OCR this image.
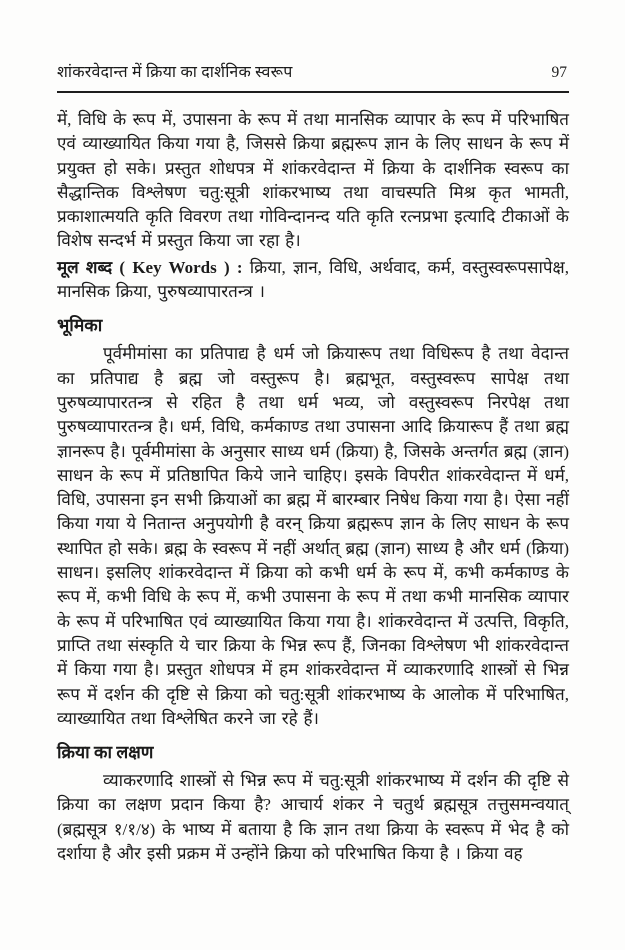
शांकरवेदान्त में क्रिया का दार्शनिक स्वरूप	97

में, विधि के रूप में, उपासना के रूप में तथा मानसिक व्यापार के रूप में परिभाषित एवं व्याख्यायित किया गया है, जिससे क्रिया ब्रह्मरूप ज्ञान के लिए साधन के रूप में प्रयुक्त हो सके। प्रस्तुत शोधपत्र में शांकरवेदान्त में क्रिया के दार्शनिक स्वरूप का सैद्धान्तिक विश्लेषण चतु:सूत्री शांकरभाष्य तथा वाचस्पति मिश्र कृत भामती, प्रकाशात्मयति कृति विवरण तथा गोविन्दानन्द यति कृति रत्नप्रभा इत्यादि टीकाओं के विशेष सन्दर्भ में प्रस्तुत किया जा रहा है।

मूल शब्द ( Key Words ) : क्रिया, ज्ञान, विधि, अर्थवाद, कर्म, वस्तुस्वरूपसापेक्ष, मानसिक क्रिया, पुरुषव्यापारतन्त्र ।

भूमिका

पूर्वमीमांसा का प्रतिपाद्य है धर्म जो क्रियारूप तथा विधिरूप है तथा वेदान्त का प्रतिपाद्य है ब्रह्म जो वस्तुरूप है। ब्रह्मभूत, वस्तुस्वरूप सापेक्ष तथा पुरुषव्यापारतन्त्र से रहित है तथा धर्म भव्य, जो वस्तुस्वरूप निरपेक्ष तथा पुरुषव्यापारतन्त्र है। धर्म, विधि, कर्मकाण्ड तथा उपासना आदि क्रियारूप हैं तथा ब्रह्म ज्ञानरूप है। पूर्वमीमांसा के अनुसार साध्य धर्म (क्रिया) है, जिसके अन्तर्गत ब्रह्म (ज्ञान) साधन के रूप में प्रतिष्ठापित किये जाने चाहिए। इसके विपरीत शांकरवेदान्त में धर्म, विधि, उपासना इन सभी क्रियाओं का ब्रह्म में बारम्बार निषेध किया गया है। ऐसा नहीं किया गया ये नितान्त अनुपयोगी है वरन् क्रिया ब्रह्मरूप ज्ञान के लिए साधन के रूप स्थापित हो सके। ब्रह्म के स्वरूप में नहीं अर्थात् ब्रह्म (ज्ञान) साध्य है और धर्म (क्रिया) साधन। इसलिए शांकरवेदान्त में क्रिया को कभी धर्म के रूप में, कभी कर्मकाण्ड के रूप में, कभी विधि के रूप में, कभी उपासना के रूप में तथा कभी मानसिक व्यापार के रूप में परिभाषित एवं व्याख्यायित किया गया है। शांकरवेदान्त में उत्पत्ति, विकृति, प्राप्ति तथा संस्कृति ये चार क्रिया के भिन्न रूप हैं, जिनका विश्लेषण भी शांकरवेदान्त में किया गया है। प्रस्तुत शोधपत्र में हम शांकरवेदान्त में व्याकरणादि शास्त्रों से भिन्न रूप में दर्शन की दृष्टि से क्रिया को चतु:सूत्री शांकरभाष्य के आलोक में परिभाषित, व्याख्यायित तथा विश्लेषित करने जा रहे हैं।

क्रिया का लक्षण

व्याकरणादि शास्त्रों से भिन्न रूप में चतु:सूत्री शांकरभाष्य में दर्शन की दृष्टि से क्रिया का लक्षण प्रदान किया है? आचार्य शंकर ने चतुर्थ ब्रह्मसूत्र तत्तुसमन्वयात् (ब्रह्मसूत्र १/१/४) के भाष्य में बताया है कि ज्ञान तथा क्रिया के स्वरूप में भेद है को दर्शाया है और इसी प्रक्रम में उन्होंने क्रिया को परिभाषित किया है । क्रिया वह
